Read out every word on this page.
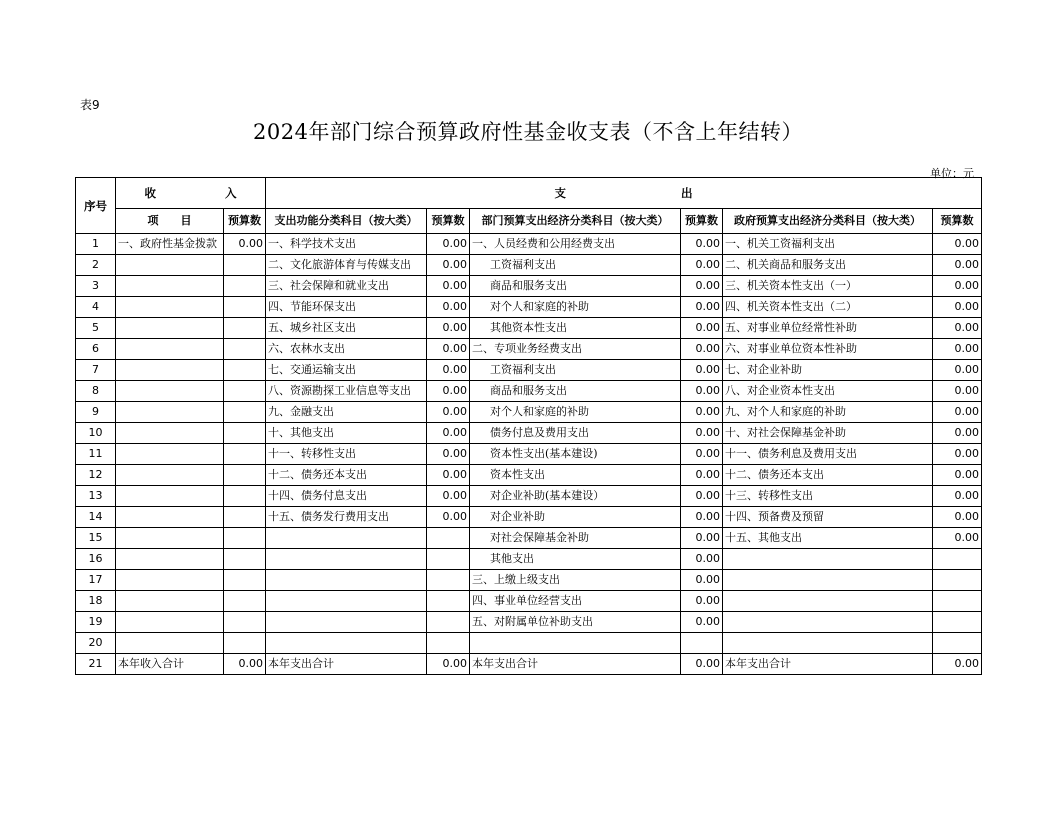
表9
2024年部门综合预算政府性基金收支表（不含上年结转）
单位：元
序号	收　　　　　　入		支　　　　　　　　　　出					
	项　　目	预算数	支出功能分类科目（按大类）	预算数	部门预算支出经济分类科目（按大类）	预算数	政府预算支出经济分类科目（按大类）	预算数
1	一、政府性基金拨款	0.00	一、科学技术支出	0.00	一、人员经费和公用经费支出	0.00	一、机关工资福利支出	0.00
2			二、文化旅游体育与传媒支出	0.00	工资福利支出	0.00	二、机关商品和服务支出	0.00
3			三、社会保障和就业支出	0.00	商品和服务支出	0.00	三、机关资本性支出（一）	0.00
4			四、节能环保支出	0.00	对个人和家庭的补助	0.00	四、机关资本性支出（二）	0.00
5			五、城乡社区支出	0.00	其他资本性支出	0.00	五、对事业单位经常性补助	0.00
6			六、农林水支出	0.00	二、专项业务经费支出	0.00	六、对事业单位资本性补助	0.00
7			七、交通运输支出	0.00	工资福利支出	0.00	七、对企业补助	0.00
8			八、资源勘探工业信息等支出	0.00	商品和服务支出	0.00	八、对企业资本性支出	0.00
9			九、金融支出	0.00	对个人和家庭的补助	0.00	九、对个人和家庭的补助	0.00
10			十、其他支出	0.00	债务付息及费用支出	0.00	十、对社会保障基金补助	0.00
11			十一、转移性支出	0.00	资本性支出(基本建设)	0.00	十一、债务利息及费用支出	0.00
12			十二、债务还本支出	0.00	资本性支出	0.00	十二、债务还本支出	0.00
13			十四、债务付息支出	0.00	对企业补助(基本建设）	0.00	十三、转移性支出	0.00
14			十五、债务发行费用支出	0.00	对企业补助	0.00	十四、预备费及预留	0.00
15					对社会保障基金补助	0.00	十五、其他支出	0.00
16					其他支出	0.00		
17					三、上缴上级支出	0.00		
18					四、事业单位经营支出	0.00		
19					五、对附属单位补助支出	0.00		
20								
21	本年收入合计	0.00	本年支出合计	0.00	本年支出合计	0.00	本年支出合计	0.00
